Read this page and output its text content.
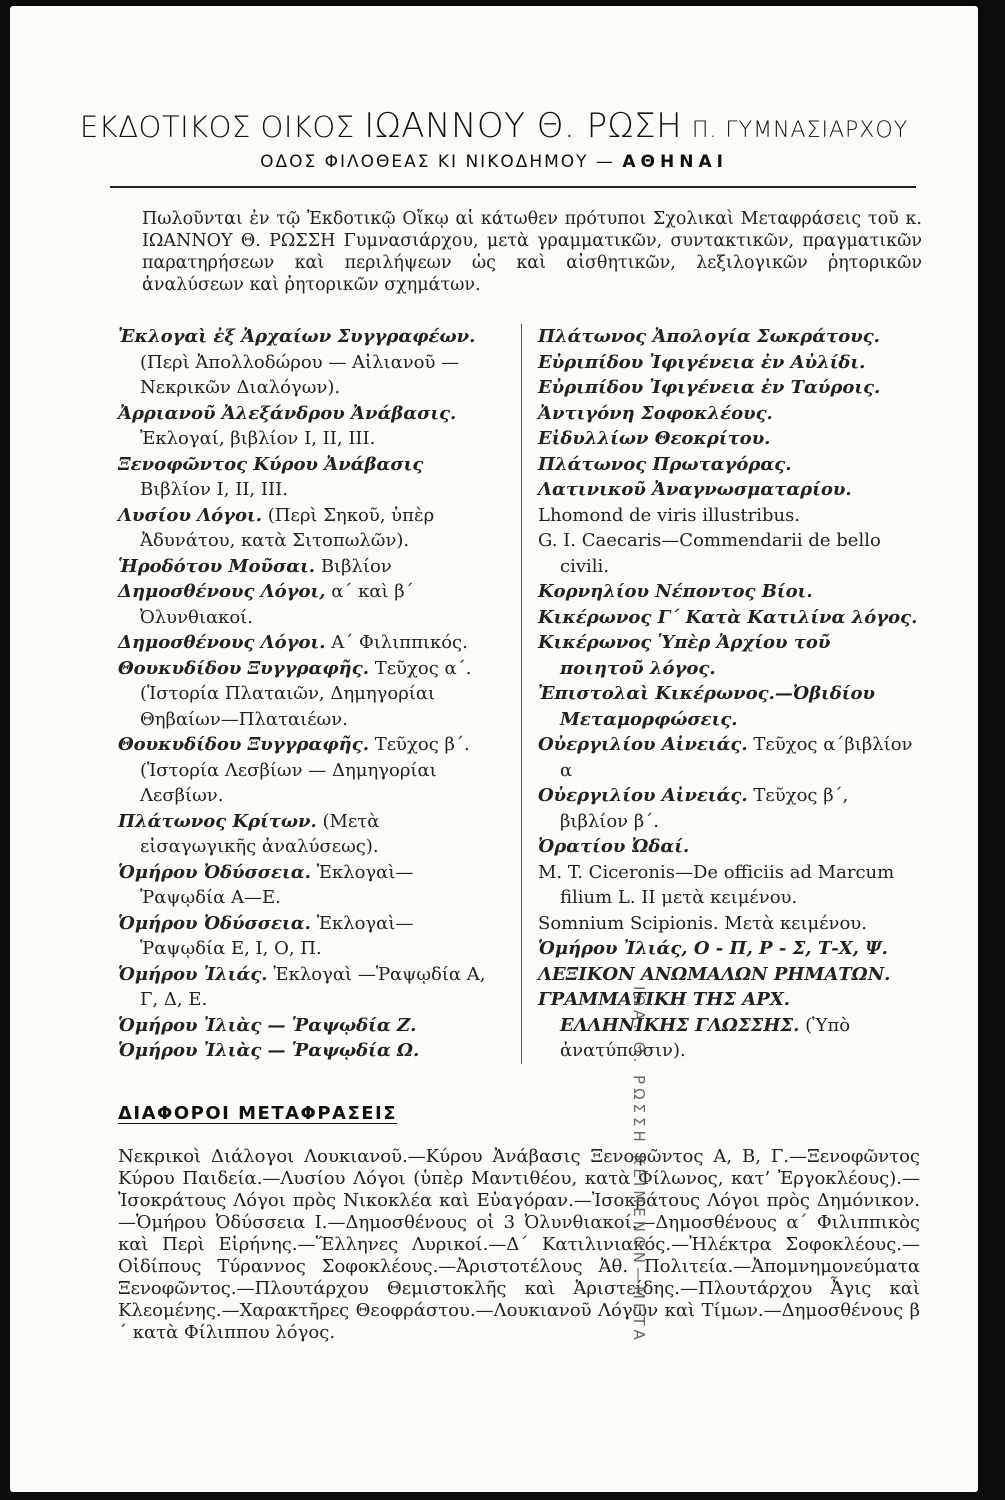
ΕΚΔΟΤΙΚΟΣ ΟΙΚΟΣ ΙΩΑΝΝΟΥ Θ. ΡΩΣΗ Π. ΓΥΜΝΑΣΙΑΡΧΟΥ
ΟΔΟΣ ΦΙΛΟΘΕΑΣ ΚΙ ΝΙΚΟΔΗΜΟΥ — ΑΘΗΝΑΙ
Πωλοῦνται ἐν τῷ Ἐκδοτικῷ Οἴκῳ αἱ κάτωθεν πρότυποι Σχολικαὶ Μεταφράσεις τοῦ κ. ΙΩΑΝΝΟΥ Θ. ΡΩΣΣΗ Γυμνασιάρχου, μετὰ γραμματικῶν, συντακτικῶν, πραγματικῶν παρατηρήσεων καὶ περιλήψεων ὡς καὶ αἰσθητικῶν, λεξιλογικῶν ῥητορικῶν ἀναλύσεων καὶ ῥητορικῶν σχημάτων.
Ἐκλογαὶ ἐξ Ἀρχαίων Συγγραφέων. (Περὶ Ἀπολλοδώρου — Αἰλιανοῦ — Νεκρικῶν Διαλόγων).
Ἀρριανοῦ Ἀλεξάνδρου Ἀνάβασις. Ἐκλογαί, βιβλίον Ι, ΙΙ, ΙΙΙ.
Ξενοφῶντος Κύρου Ἀνάβασις Βιβλίον Ι, ΙΙ, ΙΙΙ.
Λυσίου Λόγοι. (Περὶ Σηκοῦ, ὑπὲρ Ἀδυνάτου, κατὰ Σιτοπωλῶν).
Ἡροδότου Μοῦσαι. Βιβλίον
Δημοσθένους Λόγοι, α´ καὶ β´ Ὀλυνθιακοί.
Δημοσθένους Λόγοι. Α´ Φιλιππικός.
Θουκυδίδου Ξυγγραφῆς. Τεῦχος α´. (Ἱστορία Πλαταιῶν, Δημηγορίαι Θηβαίων—Πλαταιέων.
Θουκυδίδου Ξυγγραφῆς. Τεῦχος β´. (Ἱστορία Λεσβίων — Δημηγορίαι Λεσβίων.
Πλάτωνος Κρίτων. (Μετὰ εἰσαγωγικῆς ἀναλύσεως).
Ὁμήρου Ὀδύσσεια. Ἐκλογαὶ—Ῥαψῳδία Α—Ε.
Ὁμήρου Ὀδύσσεια. Ἐκλογαὶ—Ῥαψῳδία Ε, Ι, Ο, Π.
Ὁμήρου Ἰλιάς. Ἐκλογαὶ —Ῥαψῳδία Α, Γ, Δ, Ε.
Ὁμήρου Ἰλιὰς — Ῥαψῳδία Ζ.
Ὁμήρου Ἰλιὰς — Ῥαψῳδία Ω.
Πλάτωνος Ἀπολογία Σωκράτους.
Εὐριπίδου Ἰφιγένεια ἐν Αὐλίδι.
Εὐριπίδου Ἰφιγένεια ἐν Ταύροις.
Ἀντιγόνη Σοφοκλέους.
Εἰδυλλίων Θεοκρίτου.
Πλάτωνος Πρωταγόρας.
Λατινικοῦ Ἀναγνωσματαρίου.
Lhomond de viris illustribus.
G. I. Caecaris—Commendarii de bello civili.
Κορνηλίου Νέποντος Βίοι.
Κικέρωνος Γ´ Κατὰ Κατιλίνα λόγος.
Κικέρωνος Ὑπὲρ Ἀρχίου τοῦ ποιητοῦ λόγος.
Ἐπιστολαὶ Κικέρωνος.—Ὀβιδίου Μεταμορφώσεις.
Οὐεργιλίου Αἰνειάς. Τεῦχος α´βιβλίον α
Οὐεργιλίου Αἰνειάς. Τεῦχος β´, βιβλίον β´.
Ὀρατίου Ὠδαί.
M. T. Ciceronis—De officiis ad Marcum filium L. II μετὰ κειμένου.
Somnium Scipionis. Μετὰ κειμένου.
Ὁμήρου Ἰλιάς, Ο - Π, Ρ - Σ, Τ-Χ, Ψ.
ΛΕΞΙΚΟΝ ΑΝΩΜΑΛΩΝ ΡΗΜΑΤΩΝ.
ΓΡΑΜΜΑΤΙΚΗ ΤΗΣ ΑΡΧ. ΕΛΛΗΝΙΚΗΣ ΓΛΩΣΣΗΣ. (Ὑπὸ ἀνατύπωσιν).
ΔΙΑΦΟΡΟΙ ΜΕΤΑΦΡΑΣΕΙΣ
Νεκρικοὶ Διάλογοι Λουκιανοῦ.—Κύρου Ἀνάβασις Ξενοφῶντος Α, Β, Γ.—Ξενοφῶντος Κύρου Παιδεία.—Λυσίου Λόγοι (ὑπὲρ Μαντιθέου, κατὰ Φίλωνος, κατ’ Ἐργοκλέους).—Ἰσοκράτους Λόγοι πρὸς Νικοκλέα καὶ Εὐαγόραν.—Ἰσοκράτους Λόγοι πρὸς Δημόνικον.—Ὁμήρου Ὀδύσσεια Ι.—Δημοσθένους οἱ 3 Ὀλυνθιακοί.—Δημοσθένους α´ Φιλιππικὸς καὶ Περὶ Εἰρήνης.—Ἕλληνες Λυρικοί.—Δ´ Κατιλινιακός.—Ἠλέκτρα Σοφοκλέους.—Οἰδίπους Τύραννος Σοφοκλέους.—Ἀριστοτέλους Ἀθ. Πολιτεία.—Ἀπομνημονεύματα Ξενοφῶντος.—Πλουτάρχου Θεμιστοκλῆς καὶ Ἀριστείδης.—Πλουτάρχου Ἆγις καὶ Κλεομένης.—Χαρακτῆρες Θεοφράστου.—Λουκιανοῦ Λόγων καὶ Τίμων.—Δημοσθένους β´ κατὰ Φίλιππου λόγος.	ΙΩΑ. Θ. ΡΩΣΣΗ ΚΕΙΜΕΝΟΝ—ΜΕΤΑ
